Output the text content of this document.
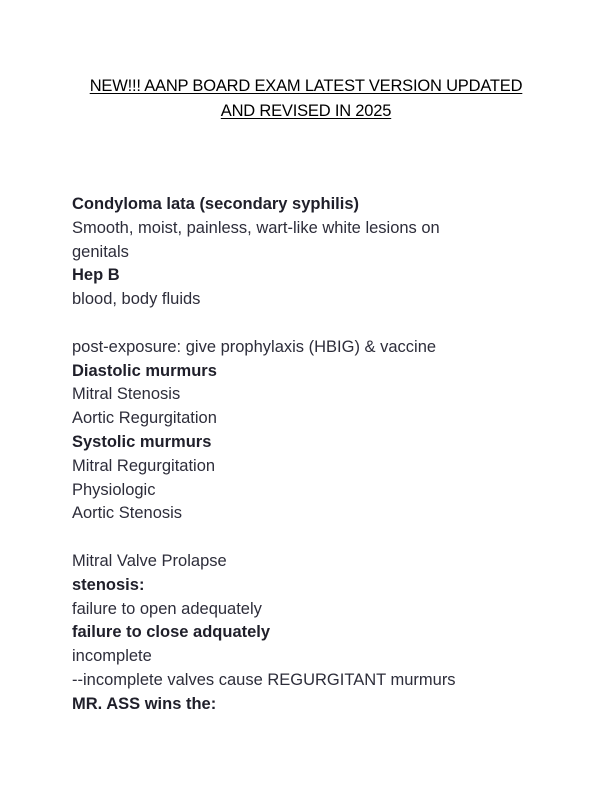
NEW!!! AANP BOARD EXAM LATEST VERSION UPDATED
AND REVISED IN 2025
Condyloma lata (secondary syphilis)
Smooth, moist, painless, wart-like white lesions on
genitals
Hep B
blood, body fluids
post-exposure: give prophylaxis (HBIG) & vaccine
Diastolic murmurs
Mitral Stenosis
Aortic Regurgitation
Systolic murmurs
Mitral Regurgitation
Physiologic
Aortic Stenosis
Mitral Valve Prolapse
stenosis:
failure to open adequately
failure to close adquately
incomplete
--incomplete valves cause REGURGITANT murmurs
MR. ASS wins the:
